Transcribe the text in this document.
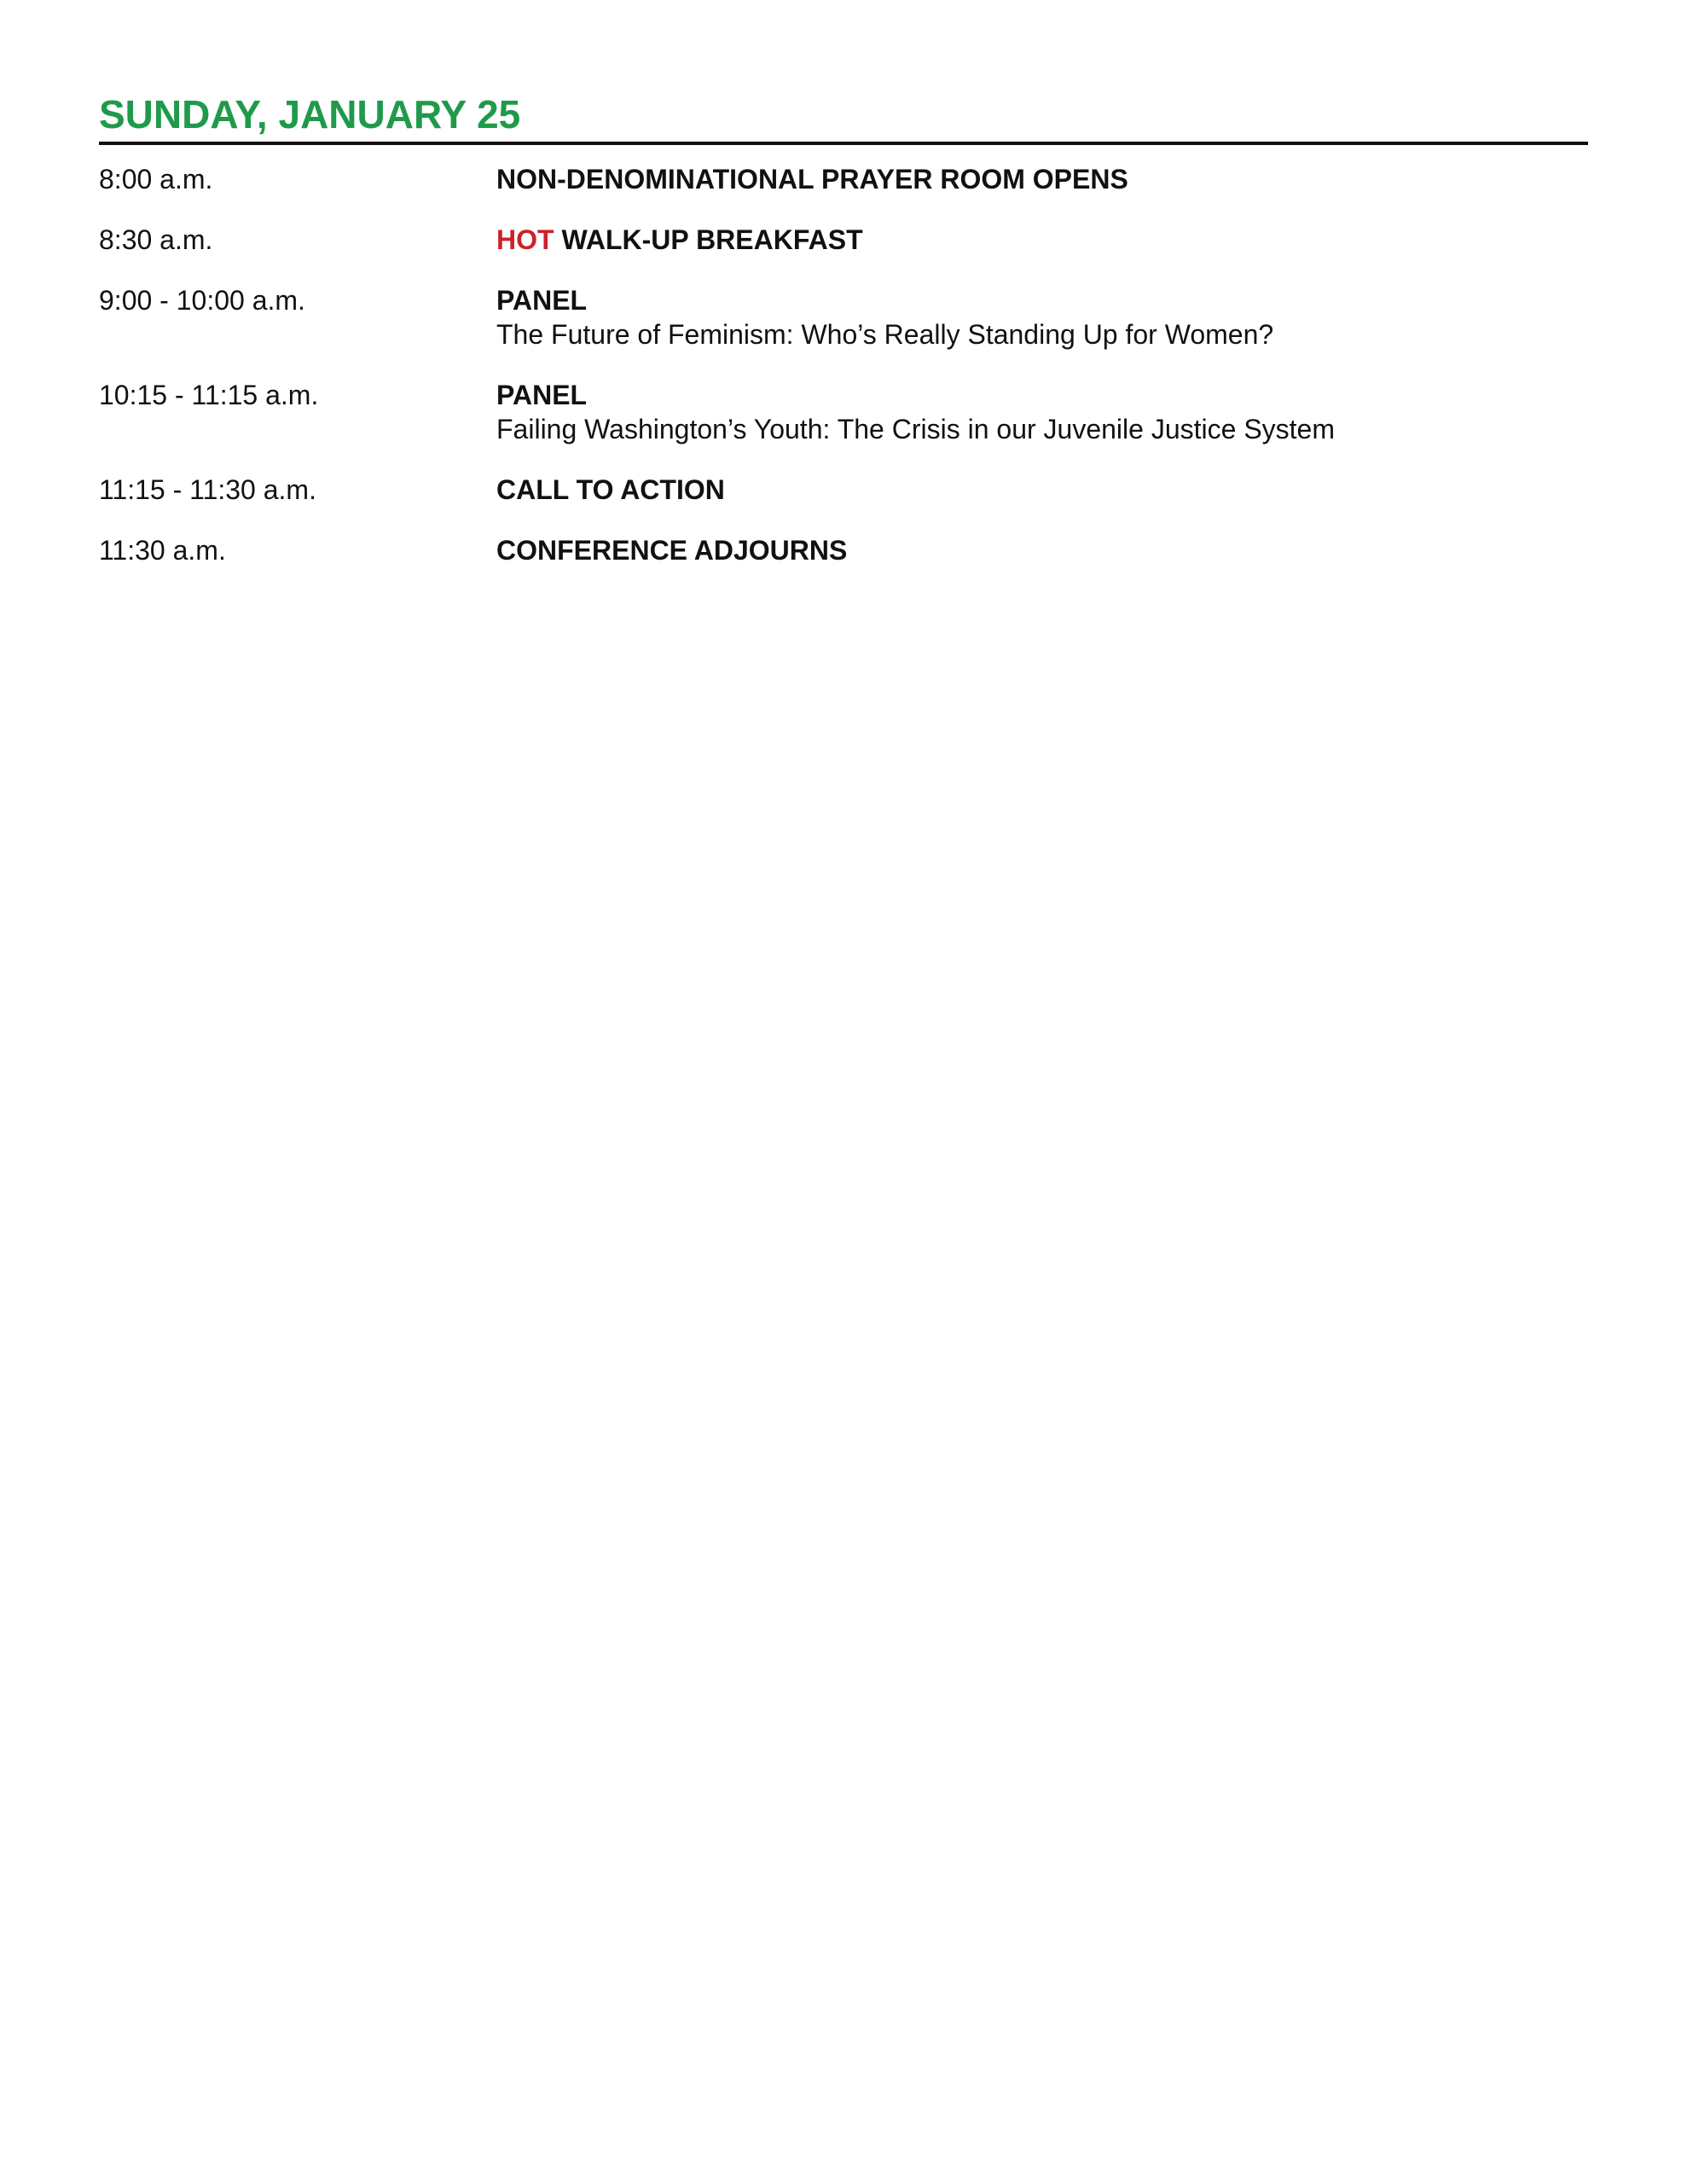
SUNDAY, JANUARY 25
8:00 a.m.	NON-DENOMINATIONAL PRAYER ROOM OPENS
8:30 a.m.	HOT WALK-UP BREAKFAST
9:00 - 10:00 a.m.	PANEL
The Future of Feminism: Who’s Really Standing Up for Women?
10:15 - 11:15 a.m.	PANEL
Failing Washington’s Youth: The Crisis in our Juvenile Justice System
11:15 - 11:30 a.m.	CALL TO ACTION
11:30 a.m.	CONFERENCE ADJOURNS
